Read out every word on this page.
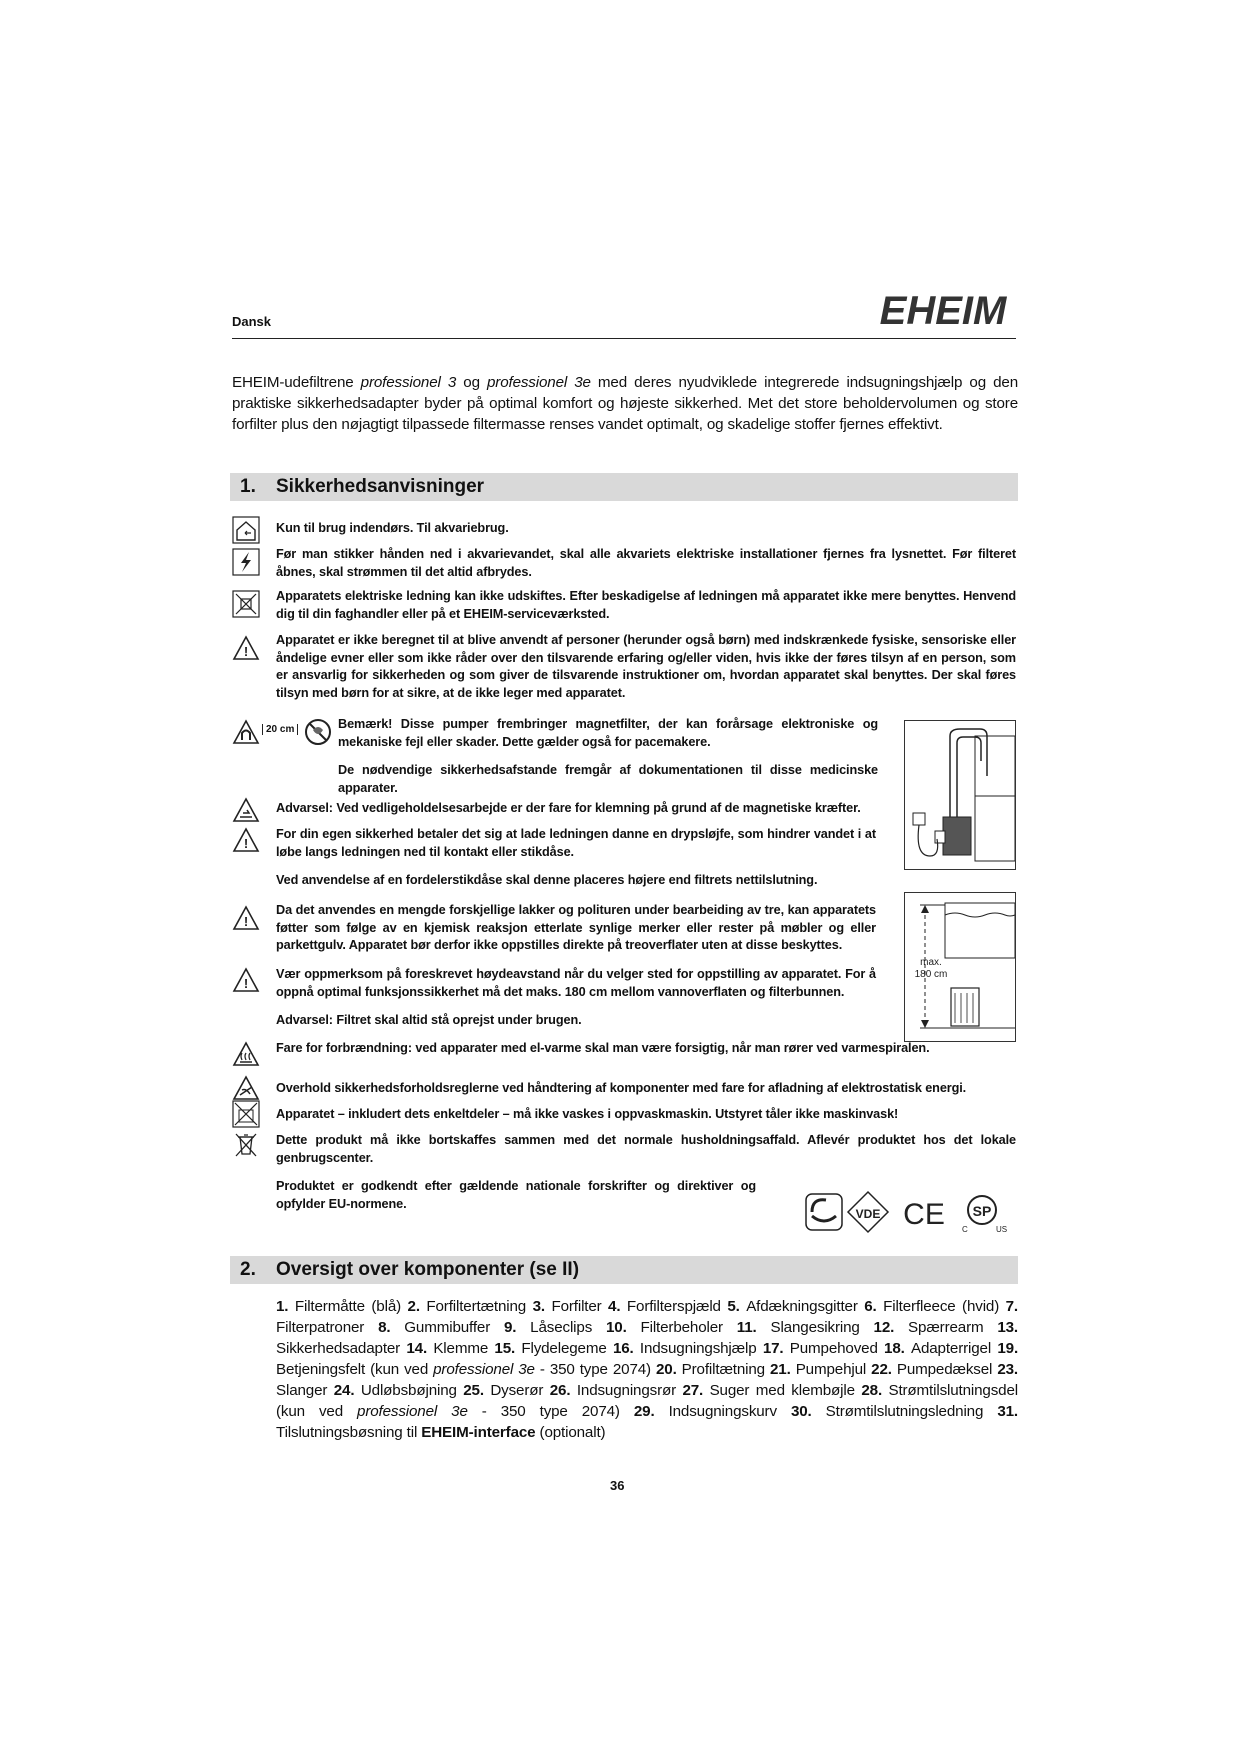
Dansk	EHEIM
EHEIM-udefiltrene professionel 3 og professionel 3e med deres nyudviklede integrerede indsugningshjælp og den praktiske sikkerhedsadapter byder på optimal komfort og højeste sikkerhed. Met det store beholdervolumen og store forfilter plus den nøjagtigt tilpassede filtermasse renses vandet optimalt, og skadelige stoffer fjernes effektivt.
1. Sikkerhedsanvisninger
Kun til brug indendørs. Til akvariebrug.
Før man stikker hånden ned i akvarievandet, skal alle akvariets elektriske installationer fjernes fra lysnettet. Før filteret åbnes, skal strømmen til det altid afbrydes.
Apparatets elektriske ledning kan ikke udskiftes. Efter beskadigelse af ledningen må apparatet ikke mere benyttes. Henvend dig til din faghandler eller på et EHEIM-serviceværksted.
!
Apparatet er ikke beregnet til at blive anvendt af personer (herunder også børn) med indskrænkede fysiske, sensoriske eller åndelige evner eller som ikke råder over den tilsvarende erfaring og/eller viden, hvis ikke der føres tilsyn af en person, som er ansvarlig for sikkerheden og som giver de tilsvarende instruktioner om, hvordan apparatet skal benyttes. Der skal føres tilsyn med børn for at sikre, at de ikke leger med apparatet.
20 cm	Bemærk! Disse pumper frembringer magnetfilter, der kan forårsage elektroniske og mekaniske fejl eller skader. Dette gælder også for pacemakere.
De nødvendige sikkerhedsafstande fremgår af dokumentationen til disse medicinske apparater.
Advarsel: Ved vedligeholdelsesarbejde er der fare for klemning på grund af de magnetiske kræfter.
!
For din egen sikkerhed betaler det sig at lade ledningen danne en drypsløjfe, som hindrer vandet i at løbe langs ledningen ned til kontakt eller stikdåse.
Ved anvendelse af en fordelerstikdåse skal denne placeres højere end filtrets nettilslutning.
!
Da det anvendes en mengde forskjellige lakker og polituren under bearbeiding av tre, kan apparatets føtter som følge av en kjemisk reaksjon etterlate synlige merker eller rester på møbler og eller parkettgulv. Apparatet bør derfor ikke oppstilles direkte på treoverflater uten at disse beskyttes.
max.
180 cm
!
Vær oppmerksom på foreskrevet høydeavstand når du velger sted for oppstilling av apparatet. For å oppnå optimal funksjonssikkerhet må det maks. 180 cm mellom vannoverflaten og filterbunnen.
Advarsel: Filtret skal altid stå oprejst under brugen.
Fare for forbrændning: ved apparater med el-varme skal man være forsigtig, når man rører ved varmespiralen.
Overhold sikkerhedsforholdsreglerne ved håndtering af komponenter med fare for afladning af elektrostatisk energi.
Apparatet – inkludert dets enkeltdeler – må ikke vaskes i oppvaskmaskin. Utstyret tåler ikke maskinvask!
Dette produkt må ikke bortskaffes sammen med det normale husholdningsaffald. Aflevér produktet hos det lokale genbrugscenter.
Produktet er godkendt efter gældende nationale forskrifter og direktiver og opfylder EU-normene.
VDE CE SP
C	US
2. Oversigt over komponenter (se II)
1. Filtermåtte (blå) 2. Forfiltertætning 3. Forfilter 4. Forfilterspjæld 5. Afdækningsgitter 6. Filterfleece (hvid) 7. Filterpatroner 8. Gummibuffer 9. Låseclips 10. Filterbeholer 11. Slangesikring 12. Spærrearm 13. Sikkerhedsadapter 14. Klemme 15. Flydelegeme 16. Indsugningshjælp 17. Pumpehoved 18. Adapterrigel 19. Betjeningsfelt (kun ved professionel 3e - 350 type 2074) 20. Profiltætning 21. Pumpehjul 22. Pumpedæksel 23. Slanger 24. Udløbsbøjning 25. Dyserør 26. Indsugningsrør 27. Suger med klembøjle 28. Strømtilslutningsdel (kun ved professionel 3e - 350 type 2074) 29. Indsugningskurv 30. Strømtilslutningsledning 31. Tilslutningsbøsning til EHEIM-interface (optionalt)
36
